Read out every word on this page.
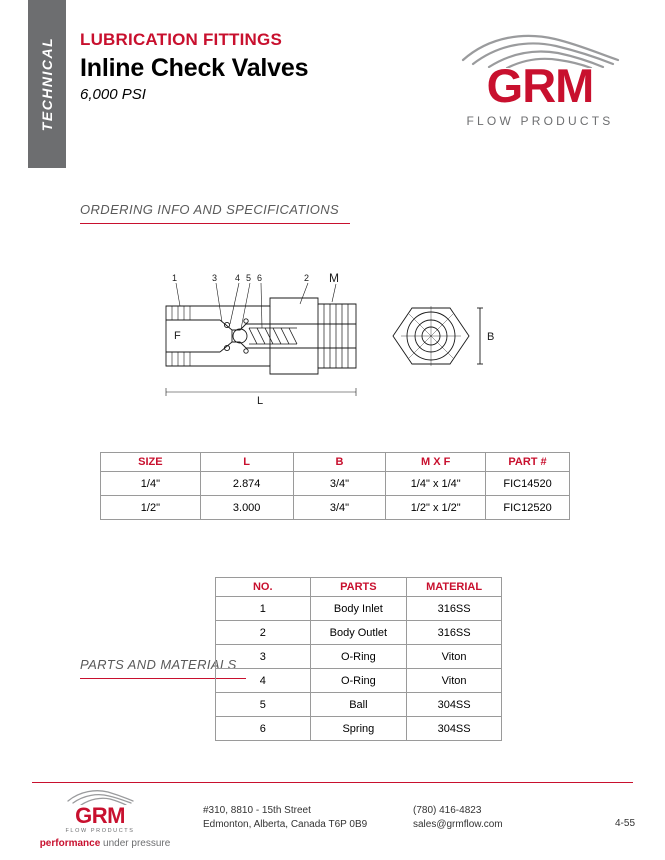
TECHNICAL LUBRICATION FITTINGS
Inline Check Valves
6,000 PSI	GRM
FLOW PRODUCTS
ORDERING INFO AND SPECIFICATIONS
1	3 4 5 6	2 M
F
L
B
SIZE	L	B	M X F	PART #
1/4"	2.874	3/4"	1/4" x 1/4"	FIC14520
1/2"	3.000	3/4"	1/2" x 1/2"	FIC12520
PARTS AND MATERIALS
NO.	PARTS	MATERIAL
1	Body Inlet	316SS
2	Body Outlet	316SS
3	O-Ring	Viton
4	O-Ring	Viton
5	Ball	304SS
6	Spring	304SS
GRM
FLOW PRODUCTS
performance under pressure
#310, 8810 - 15th Street
Edmonton, Alberta, Canada T6P 0B9
(780) 416-4823
sales@grmflow.com	4-55
